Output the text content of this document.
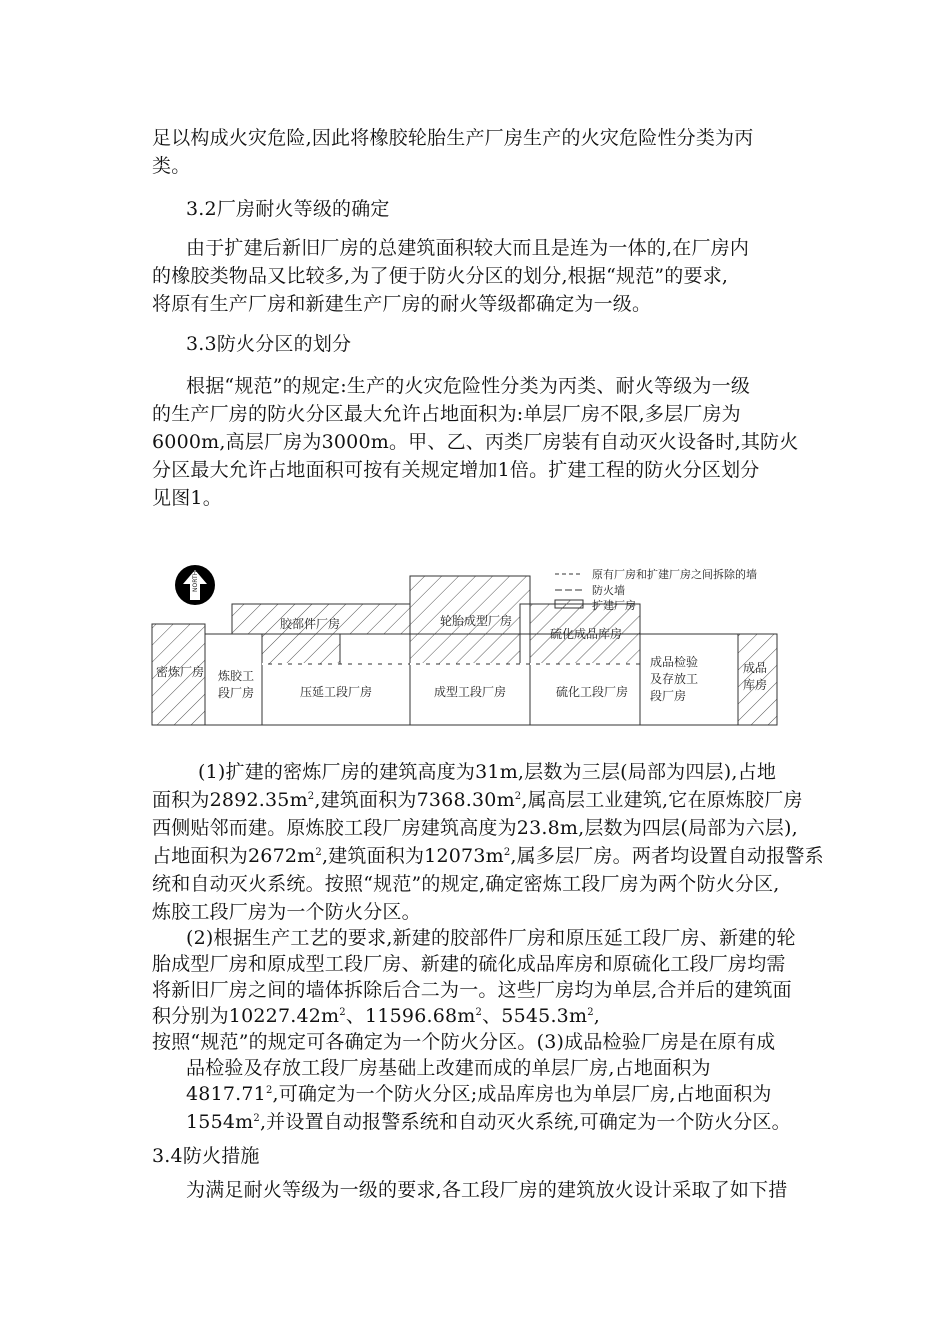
足以构成火灾危险,因此将橡胶轮胎生产厂房生产的火灾危险性分类为丙
类。
3.2厂房耐火等级的确定
由于扩建后新旧厂房的总建筑面积较大而且是连为一体的,在厂房内
的橡胶类物品又比较多,为了便于防火分区的划分,根据“规范”的要求,
将原有生产厂房和新建生产厂房的耐火等级都确定为一级。
3.3防火分区的划分
根据“规范”的规定:生产的火灾危险性分类为丙类、耐火等级为一级
的生产厂房的防火分区最大允许占地面积为:单层厂房不限,多层厂房为
6000m,高层厂房为3000m。甲、乙、丙类厂房装有自动灭火设备时,其防火
分区最大允许占地面积可按有关规定增加1倍。扩建工程的防火分区划分
见图1。
NORTH
密炼厂房 炼胶工
段厂房
胶部件厂房
压延工段厂房
轮胎成型厂房
成型工段厂房
硫化成品库房
硫化工段厂房
成品检验
及存放工
段厂房
成品
库房
原有厂房和扩建厂房之间拆除的墙
防火墙
扩建厂房
(1)扩建的密炼厂房的建筑高度为31m,层数为三层(局部为四层),占地
面积为$2892.35m^2$,建筑面积为$7368.30m^2$,属高层工业建筑,它在原炼胶厂房
西侧贴邻而建。原炼胶工段厂房建筑高度为23.8m,层数为四层(局部为六层),
占地面积为$2672m^2$,建筑面积为$12073m^2$,属多层厂房。两者均设置自动报警系
统和自动灭火系统。按照“规范”的规定,确定密炼工段厂房为两个防火分区,
炼胶工段厂房为一个防火分区。
(2)根据生产工艺的要求,新建的胶部件厂房和原压延工段厂房、新建的轮
胎成型厂房和原成型工段厂房、新建的硫化成品库房和原硫化工段厂房均需
将新旧厂房之间的墙体拆除后合二为一。这些厂房均为单层,合并后的建筑面
积分别为$10227.42m^2$、$11596.68m^2$、$5545.3m^2$,
按照“规范”的规定可各确定为一个防火分区。(3)成品检验厂房是在原有成
品检验及存放工段厂房基础上改建而成的单层厂房,占地面积为
4817.71$^2$,可确定为一个防火分区;成品库房也为单层厂房,占地面积为
$1554m^2$,并设置自动报警系统和自动灭火系统,可确定为一个防火分区。
3.4防火措施
为满足耐火等级为一级的要求,各工段厂房的建筑放火设计采取了如下措
